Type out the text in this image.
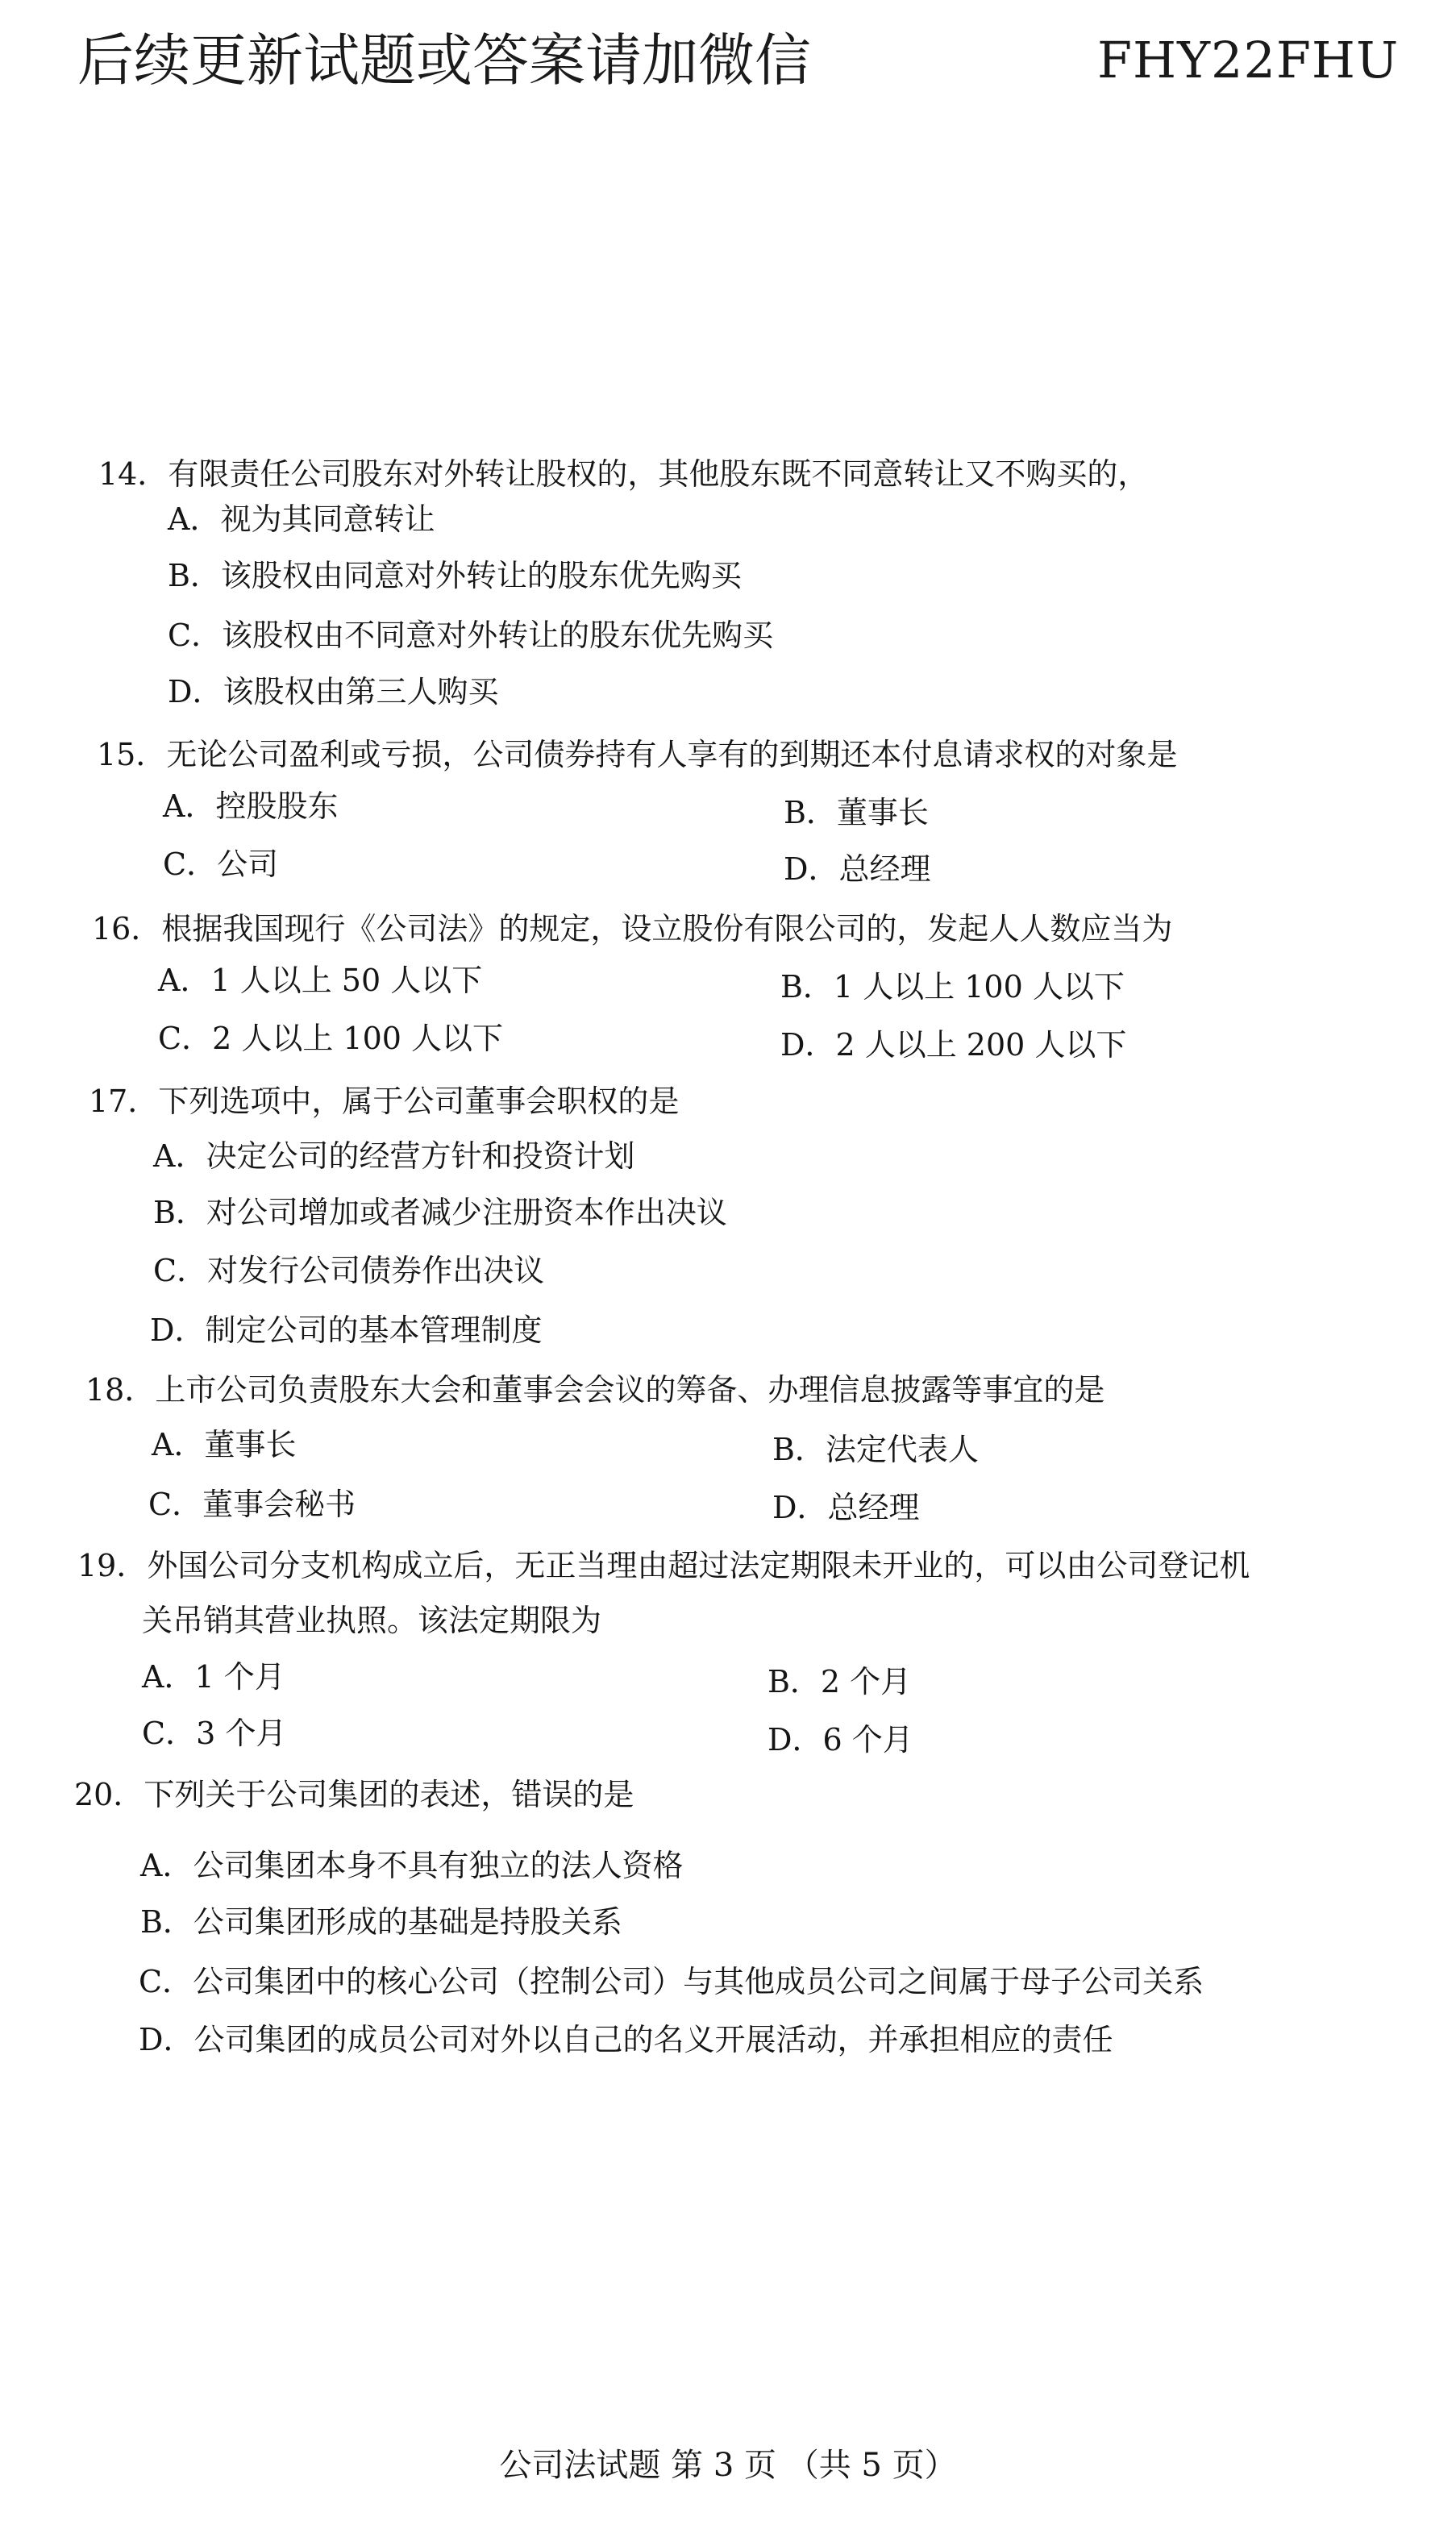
后续更新试题或答案请加微信	FHY22FHU
14．有限责任公司股东对外转让股权的，其他股东既不同意转让又不购买的，
A．视为其同意转让
B．该股权由同意对外转让的股东优先购买
C．该股权由不同意对外转让的股东优先购买
D．该股权由第三人购买
15．无论公司盈利或亏损，公司债券持有人享有的到期还本付息请求权的对象是
A．控股股东	B．董事长
C．公司	D．总经理
16．根据我国现行《公司法》的规定，设立股份有限公司的，发起人人数应当为
A．1 人以上 50 人以下	B．1 人以上 100 人以下
C．2 人以上 100 人以下	D．2 人以上 200 人以下
17．下列选项中，属于公司董事会职权的是
A．决定公司的经营方针和投资计划
B．对公司增加或者减少注册资本作出决议
C．对发行公司债券作出决议
D．制定公司的基本管理制度
18．上市公司负责股东大会和董事会会议的筹备、办理信息披露等事宜的是
A．董事长	B．法定代表人
C．董事会秘书	D．总经理
19．外国公司分支机构成立后，无正当理由超过法定期限未开业的，可以由公司登记机
关吊销其营业执照。该法定期限为
A．1 个月	B．2 个月
C．3 个月	D．6 个月
20．下列关于公司集团的表述，错误的是
A．公司集团本身不具有独立的法人资格
B．公司集团形成的基础是持股关系
C．公司集团中的核心公司（控制公司）与其他成员公司之间属于母子公司关系
D．公司集团的成员公司对外以自己的名义开展活动，并承担相应的责任
公司法试题 第 3 页 （共 5 页）
